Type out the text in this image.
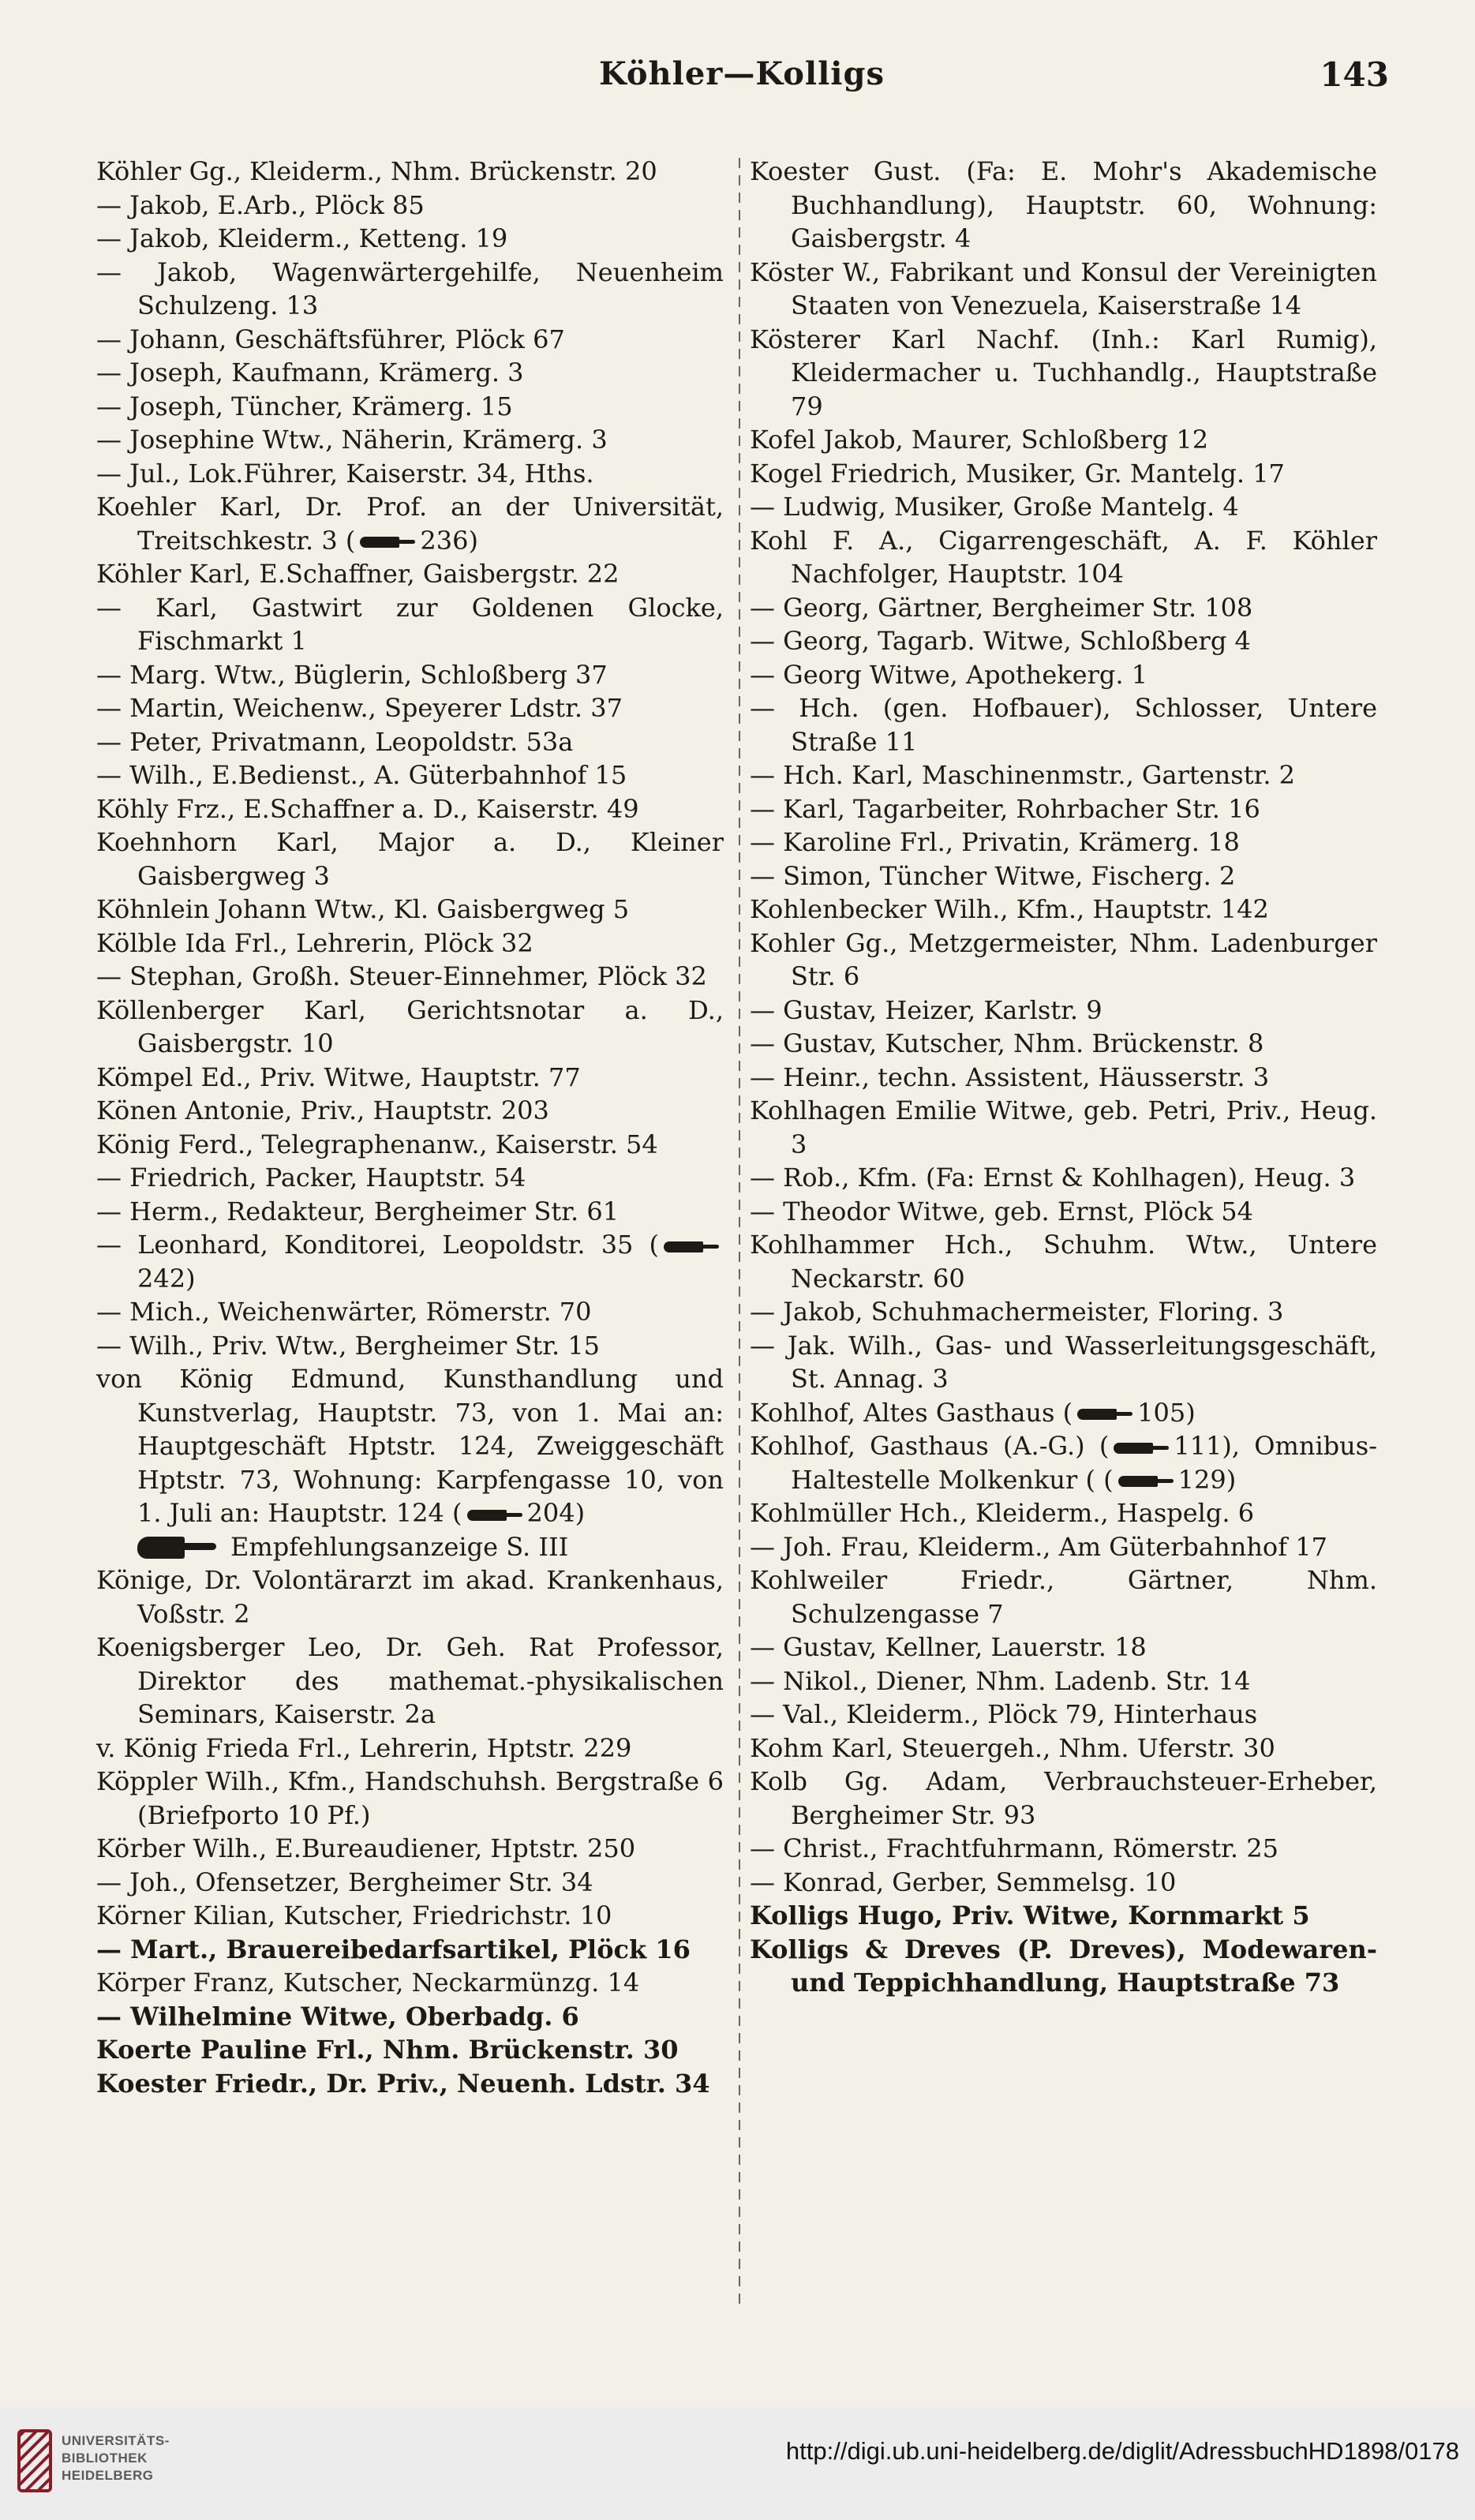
Köhler—Kolligs	143

Köhler Gg., Kleiderm., Nhm. Brückenstr. 20

— Jakob, E.Arb., Plöck 85

— Jakob, Kleiderm., Ketteng. 19

— Jakob, Wagenwärtergehilfe, Neuenheim Schulzeng. 13

— Johann, Geschäftsführer, Plöck 67

— Joseph, Kaufmann, Krämerg. 3

— Joseph, Tüncher, Krämerg. 15

— Josephine Wtw., Näherin, Krämerg. 3

— Jul., Lok.Führer, Kaiserstr. 34, Hths.

Koehler Karl, Dr. Prof. an der Universität, Treitschkestr. 3 (	236)

Köhler Karl, E.Schaffner, Gaisbergstr. 22

— Karl, Gastwirt zur Goldenen Glocke, Fischmarkt 1

— Marg. Wtw., Büglerin, Schloßberg 37

— Martin, Weichenw., Speyerer Ldstr. 37

— Peter, Privatmann, Leopoldstr. 53a

— Wilh., E.Bedienst., A. Güterbahnhof 15

Köhly Frz., E.Schaffner a. D., Kaiserstr. 49

Koehnhorn Karl, Major a. D., Kleiner Gaisbergweg 3

Köhnlein Johann Wtw., Kl. Gaisbergweg 5

Kölble Ida Frl., Lehrerin, Plöck 32

— Stephan, Großh. Steuer-Einnehmer, Plöck 32

Köllenberger Karl, Gerichtsnotar a. D., Gaisbergstr. 10

Kömpel Ed., Priv. Witwe, Hauptstr. 77

Könen Antonie, Priv., Hauptstr. 203

König Ferd., Telegraphenanw., Kaiserstr. 54

— Friedrich, Packer, Hauptstr. 54

— Herm., Redakteur, Bergheimer Str. 61

— Leonhard, Konditorei, Leopoldstr. 35 (242)

— Mich., Weichenwärter, Römerstr. 70

— Wilh., Priv. Wtw., Bergheimer Str. 15

von König Edmund, Kunsthandlung und Kunstverlag, Hauptstr. 73, von 1. Mai an: Hauptgeschäft Hptstr. 124, Zweiggeschäft Hptstr. 73, Wohnung: Karpfengasse 10, von 1. Juli an: Hauptstr. 124 (	204)

Empfehlungsanzeige S. III

Könige, Dr. Volontärarzt im akad. Krankenhaus, Voßstr. 2

Koenigsberger Leo, Dr. Geh. Rat Professor, Direktor des mathemat.-physikalischen Seminars, Kaiserstr. 2a

v. König Frieda Frl., Lehrerin, Hptstr. 229

Köppler Wilh., Kfm., Handschuhsh. Bergstraße 6 (Briefporto 10 Pf.)

Körber Wilh., E.Bureaudiener, Hptstr. 250

— Joh., Ofensetzer, Bergheimer Str. 34

Körner Kilian, Kutscher, Friedrichstr. 10

— Mart., Brauereibedarfsartikel, Plöck 16

Körper Franz, Kutscher, Neckarmünzg. 14

— Wilhelmine Witwe, Oberbadg. 6

Koerte Pauline Frl., Nhm. Brückenstr. 30

Koester Friedr., Dr. Priv., Neuenh. Ldstr. 34

Koester Gust. (Fa: E. Mohr's Akademische Buchhandlung), Hauptstr. 60, Wohnung: Gaisbergstr. 4

Köster W., Fabrikant und Konsul der Vereinigten Staaten von Venezuela, Kaiserstraße 14

Kösterer Karl Nachf. (Inh.: Karl Rumig), Kleidermacher u. Tuchhandlg., Hauptstraße 79

Kofel Jakob, Maurer, Schloßberg 12

Kogel Friedrich, Musiker, Gr. Mantelg. 17

— Ludwig, Musiker, Große Mantelg. 4

Kohl F. A., Cigarrengeschäft, A. F. Köhler Nachfolger, Hauptstr. 104

— Georg, Gärtner, Bergheimer Str. 108

— Georg, Tagarb. Witwe, Schloßberg 4

— Georg Witwe, Apothekerg. 1

— Hch. (gen. Hofbauer), Schlosser, Untere Straße 11

— Hch. Karl, Maschinenmstr., Gartenstr. 2

— Karl, Tagarbeiter, Rohrbacher Str. 16

— Karoline Frl., Privatin, Krämerg. 18

— Simon, Tüncher Witwe, Fischerg. 2

Kohlenbecker Wilh., Kfm., Hauptstr. 142

Kohler Gg., Metzgermeister, Nhm. Ladenburger Str. 6

— Gustav, Heizer, Karlstr. 9

— Gustav, Kutscher, Nhm. Brückenstr. 8

— Heinr., techn. Assistent, Häusserstr. 3

Kohlhagen Emilie Witwe, geb. Petri, Priv., Heug. 3

— Rob., Kfm. (Fa: Ernst & Kohlhagen), Heug. 3

— Theodor Witwe, geb. Ernst, Plöck 54

Kohlhammer Hch., Schuhm. Wtw., Untere Neckarstr. 60

— Jakob, Schuhmachermeister, Floring. 3

— Jak. Wilh., Gas- und Wasserleitungsgeschäft, St. Annag. 3

Kohlhof, Altes Gasthaus (	105)

Kohlhof, Gasthaus (A.-G.) (	111), Omnibus-Haltestelle Molkenkur ( (	129)

Kohlmüller Hch., Kleiderm., Haspelg. 6

— Joh. Frau, Kleiderm., Am Güterbahnhof 17

Kohlweiler Friedr., Gärtner, Nhm. Schulzengasse 7

— Gustav, Kellner, Lauerstr. 18

— Nikol., Diener, Nhm. Ladenb. Str. 14

— Val., Kleiderm., Plöck 79, Hinterhaus

Kohm Karl, Steuergeh., Nhm. Uferstr. 30

Kolb Gg. Adam, Verbrauchsteuer-Erheber, Bergheimer Str. 93

— Christ., Frachtfuhrmann, Römerstr. 25

— Konrad, Gerber, Semmelsg. 10

Kolligs Hugo, Priv. Witwe, Kornmarkt 5

Kolligs & Dreves (P. Dreves), Modewaren- und Teppichhandlung, Hauptstraße 73

UNIVERSITÄTS-
BIBLIOTHEK
HEIDELBERG
http://digi.ub.uni-heidelberg.de/diglit/AdressbuchHD1898/0178
